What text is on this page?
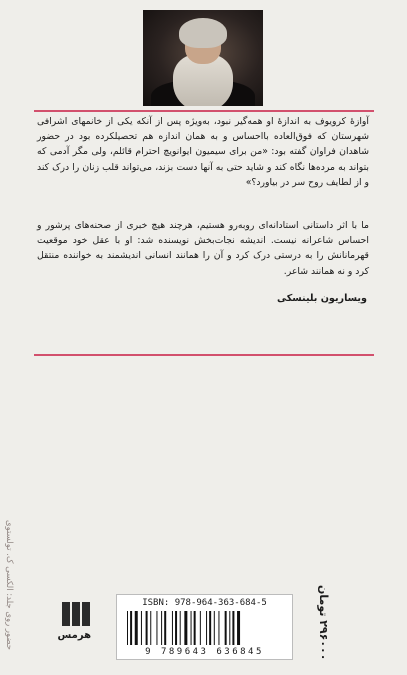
آوازهٔ کرویوف به اندازهٔ او همه‌گیر نبود، به‌ویژه پس از آنکه یکی از خانمهای اشرافی شهرستان که فوق‌العاده بااحساس و به همان اندازه هم تحصیلکرده بود در حضور شاهدان فراوان گفته بود: «من برای سیمیون ایوانویچ احترام قائلم، ولی مگر آدمی که بتواند به مرده‌ها نگاه کند و شاید حتی به آنها دست بزند، می‌تواند قلب زنان را درک کند و از لطایف روح سر در بیاورد؟»

ما با اثر داستانی استادانه‌ای روبه‌رو هستیم، هرچند هیچ خبری از صحنه‌های پرشور و احساس شاعرانه نیست. اندیشه نجات‌بخش نویسنده شد: او با عقل خود موقعیت قهرمانانش را به درستی درک کرد و آن را همانند انسانی اندیشمند به خواننده منتقل کرد و نه همانند شاعر.

ویساریون بلینسکی

حضور روی جلد: الکسی ک. تولستوی	هرمس
ISBN: 978-964-363-684-5
9 789643 636845
۲۹۶۰۰۰ تومان
